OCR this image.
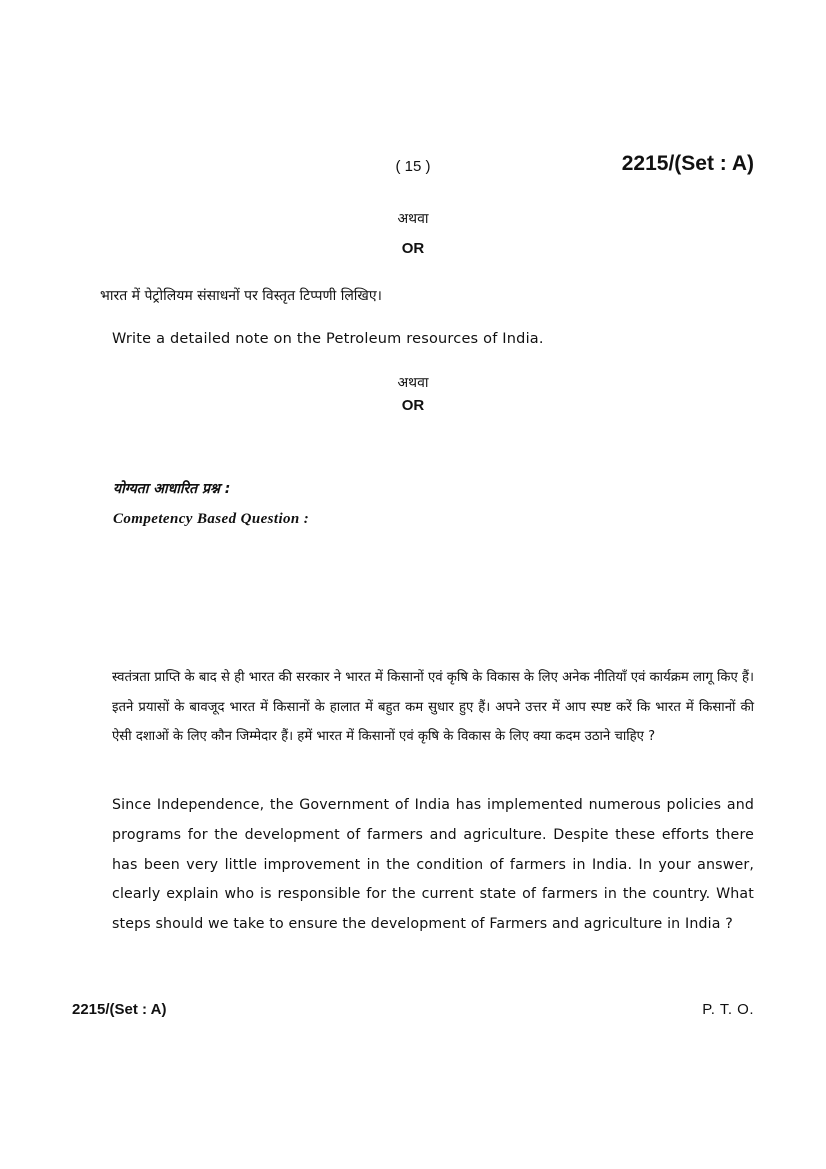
( 15 )	2215/(Set : A)

अथवा

OR

भारत में पेट्रोलियम संसाधनों पर विस्तृत टिप्पणी लिखिए।

Write a detailed note on the Petroleum resources of India.

अथवा

OR

योग्यता आधारित प्रश्न :

Competency Based Question :

स्वतंत्रता प्राप्ति के बाद से ही भारत की सरकार ने भारत में किसानों एवं कृषि के विकास के लिए अनेक नीतियाँ एवं कार्यक्रम लागू किए हैं। इतने प्रयासों के बावजूद भारत में किसानों के हालात में बहुत कम सुधार हुए हैं। अपने उत्तर में आप स्पष्ट करें कि भारत में किसानों की ऐसी दशाओं के लिए कौन जिम्मेदार हैं। हमें भारत में किसानों एवं कृषि के विकास के लिए क्या कदम उठाने चाहिए ?

Since Independence, the Government of India has implemented numerous policies and programs for the development of farmers and agriculture. Despite these efforts there has been very little improvement in the condition of farmers in India. In your answer, clearly explain who is responsible for the current state of farmers in the country. What steps should we take to ensure the development of Farmers and agriculture in India ?

2215/(Set : A)	P. T. O.
